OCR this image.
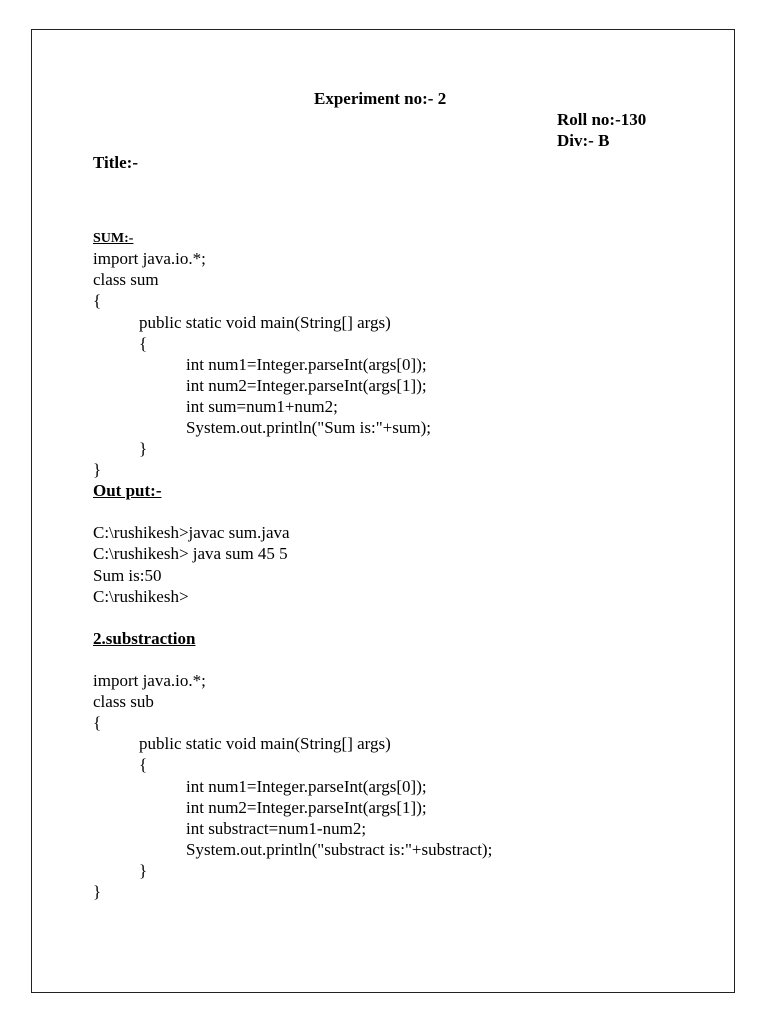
Experiment no:- 2
Roll no:-130
Div:- B
Title:-
SUM:-
import java.io.*;
class sum
{
public static void main(String[] args)
{
int num1=Integer.parseInt(args[0]);
int num2=Integer.parseInt(args[1]);
int sum=num1+num2;
System.out.println("Sum is:"+sum);
}
}
Out put:-
C:\rushikesh>javac sum.java
C:\rushikesh> java sum 45 5
Sum is:50
C:\rushikesh>
2.substraction
import java.io.*;
class sub
{
public static void main(String[] args)
{
int num1=Integer.parseInt(args[0]);
int num2=Integer.parseInt(args[1]);
int substract=num1-num2;
System.out.println("substract is:"+substract);
}
}
